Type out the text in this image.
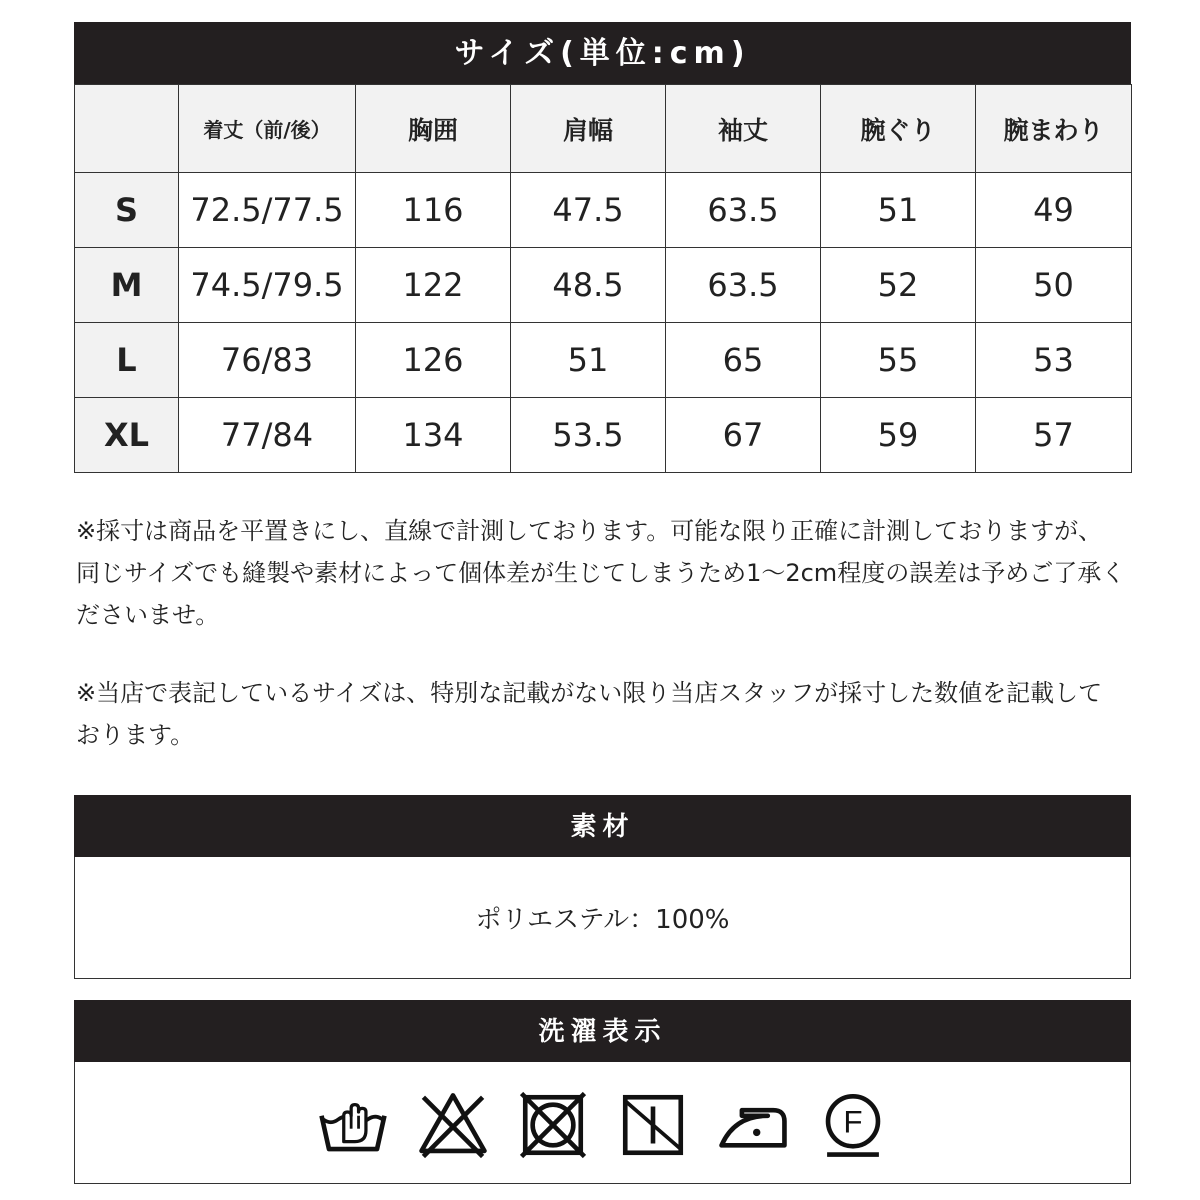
サイズ(単位:cm)
	着丈（前/後）	胸囲	肩幅	袖丈	腕ぐり	腕まわり
S	72.5/77.5	116	47.5	63.5	51	49
M	74.5/79.5	122	48.5	63.5	52	50
L	76/83	126	51	65	55	53
XL	77/84	134	53.5	67	59	57

※採寸は商品を平置きにし、直線で計測しております。可能な限り正確に計測しておりますが、同じサイズでも縫製や素材によって個体差が生じてしまうため1～2cm程度の誤差は予めご了承くださいませ。

※当店で表記しているサイズは、特別な記載がない限り当店スタッフが採寸した数値を記載しております。

素材
ポリエステル：100%
洗濯表示
F
